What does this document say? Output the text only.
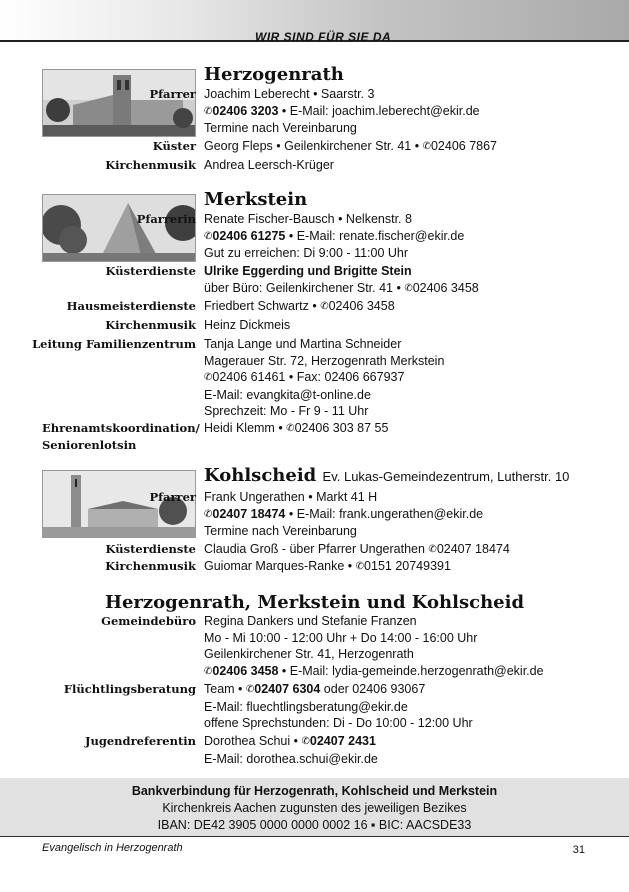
WIR SIND FÜR SIE DA
Herzogenrath
Pfarrer Joachim Leberecht • Saarstr. 3
✆02406 3203 • E-Mail: joachim.leberecht@ekir.de
Termine nach Vereinbarung
Küster Georg Fleps • Geilenkirchener Str. 41 • ✆02406 7867
Kirchenmusik Andrea Leersch-Krüger
Merkstein
Pfarrerin Renate Fischer-Bausch • Nelkenstr. 8
✆02406 61275 • E-Mail: renate.fischer@ekir.de
Gut zu erreichen: Di 9:00 - 11:00 Uhr
Küsterdienste Ulrike Eggerding und Brigitte Stein
über Büro: Geilenkirchener Str. 41 • ✆02406 3458
Hausmeisterdienste Friedbert Schwartz • ✆02406 3458
Kirchenmusik Heinz Dickmeis
Leitung Familienzentrum Tanja Lange und Martina Schneider
Magerauer Str. 72, Herzogenrath Merkstein
✆02406 61461 • Fax: 02406 667937
E-Mail: evangkita@t-online.de
Sprechzeit: Mo - Fr 9 - 11 Uhr
Ehrenamtskoordination/
Seniorenlotsin
Heidi Klemm • ✆02406 303 87 55
Kohlscheid Ev. Lukas-Gemeindezentrum, Lutherstr. 10
Pfarrer Frank Ungerathen • Markt 41 H
✆02407 18474 • E-Mail: frank.ungerathen@ekir.de
Termine nach Vereinbarung
Küsterdienste Claudia Groß - über Pfarrer Ungerathen ✆02407 18474
Kirchenmusik Guiomar Marques-Ranke • ✆0151 20749391
Herzogenrath, Merkstein und Kohlscheid
Gemeindebüro Regina Dankers und Stefanie Franzen
Mo - Mi 10:00 - 12:00 Uhr + Do 14:00 - 16:00 Uhr
Geilenkirchener Str. 41, Herzogenrath
✆02406 3458 • E-Mail: lydia-gemeinde.herzogenrath@ekir.de
Flüchtlingsberatung Team • ✆02407 6304 oder 02406 93067
E-Mail: fluechtlingsberatung@ekir.de
offene Sprechstunden: Di - Do 10:00 - 12:00 Uhr
Jugendreferentin Dorothea Schui • ✆02407 2431
E-Mail: dorothea.schui@ekir.de
Bankverbindung für Herzogenrath, Kohlscheid und Merkstein
Kirchenkreis Aachen zugunsten des jeweiligen Bezikes
IBAN: DE42 3905 0000 0000 0002 16 ▪ BIC: AACSDE33
Evangelisch in Herzogenrath	31
